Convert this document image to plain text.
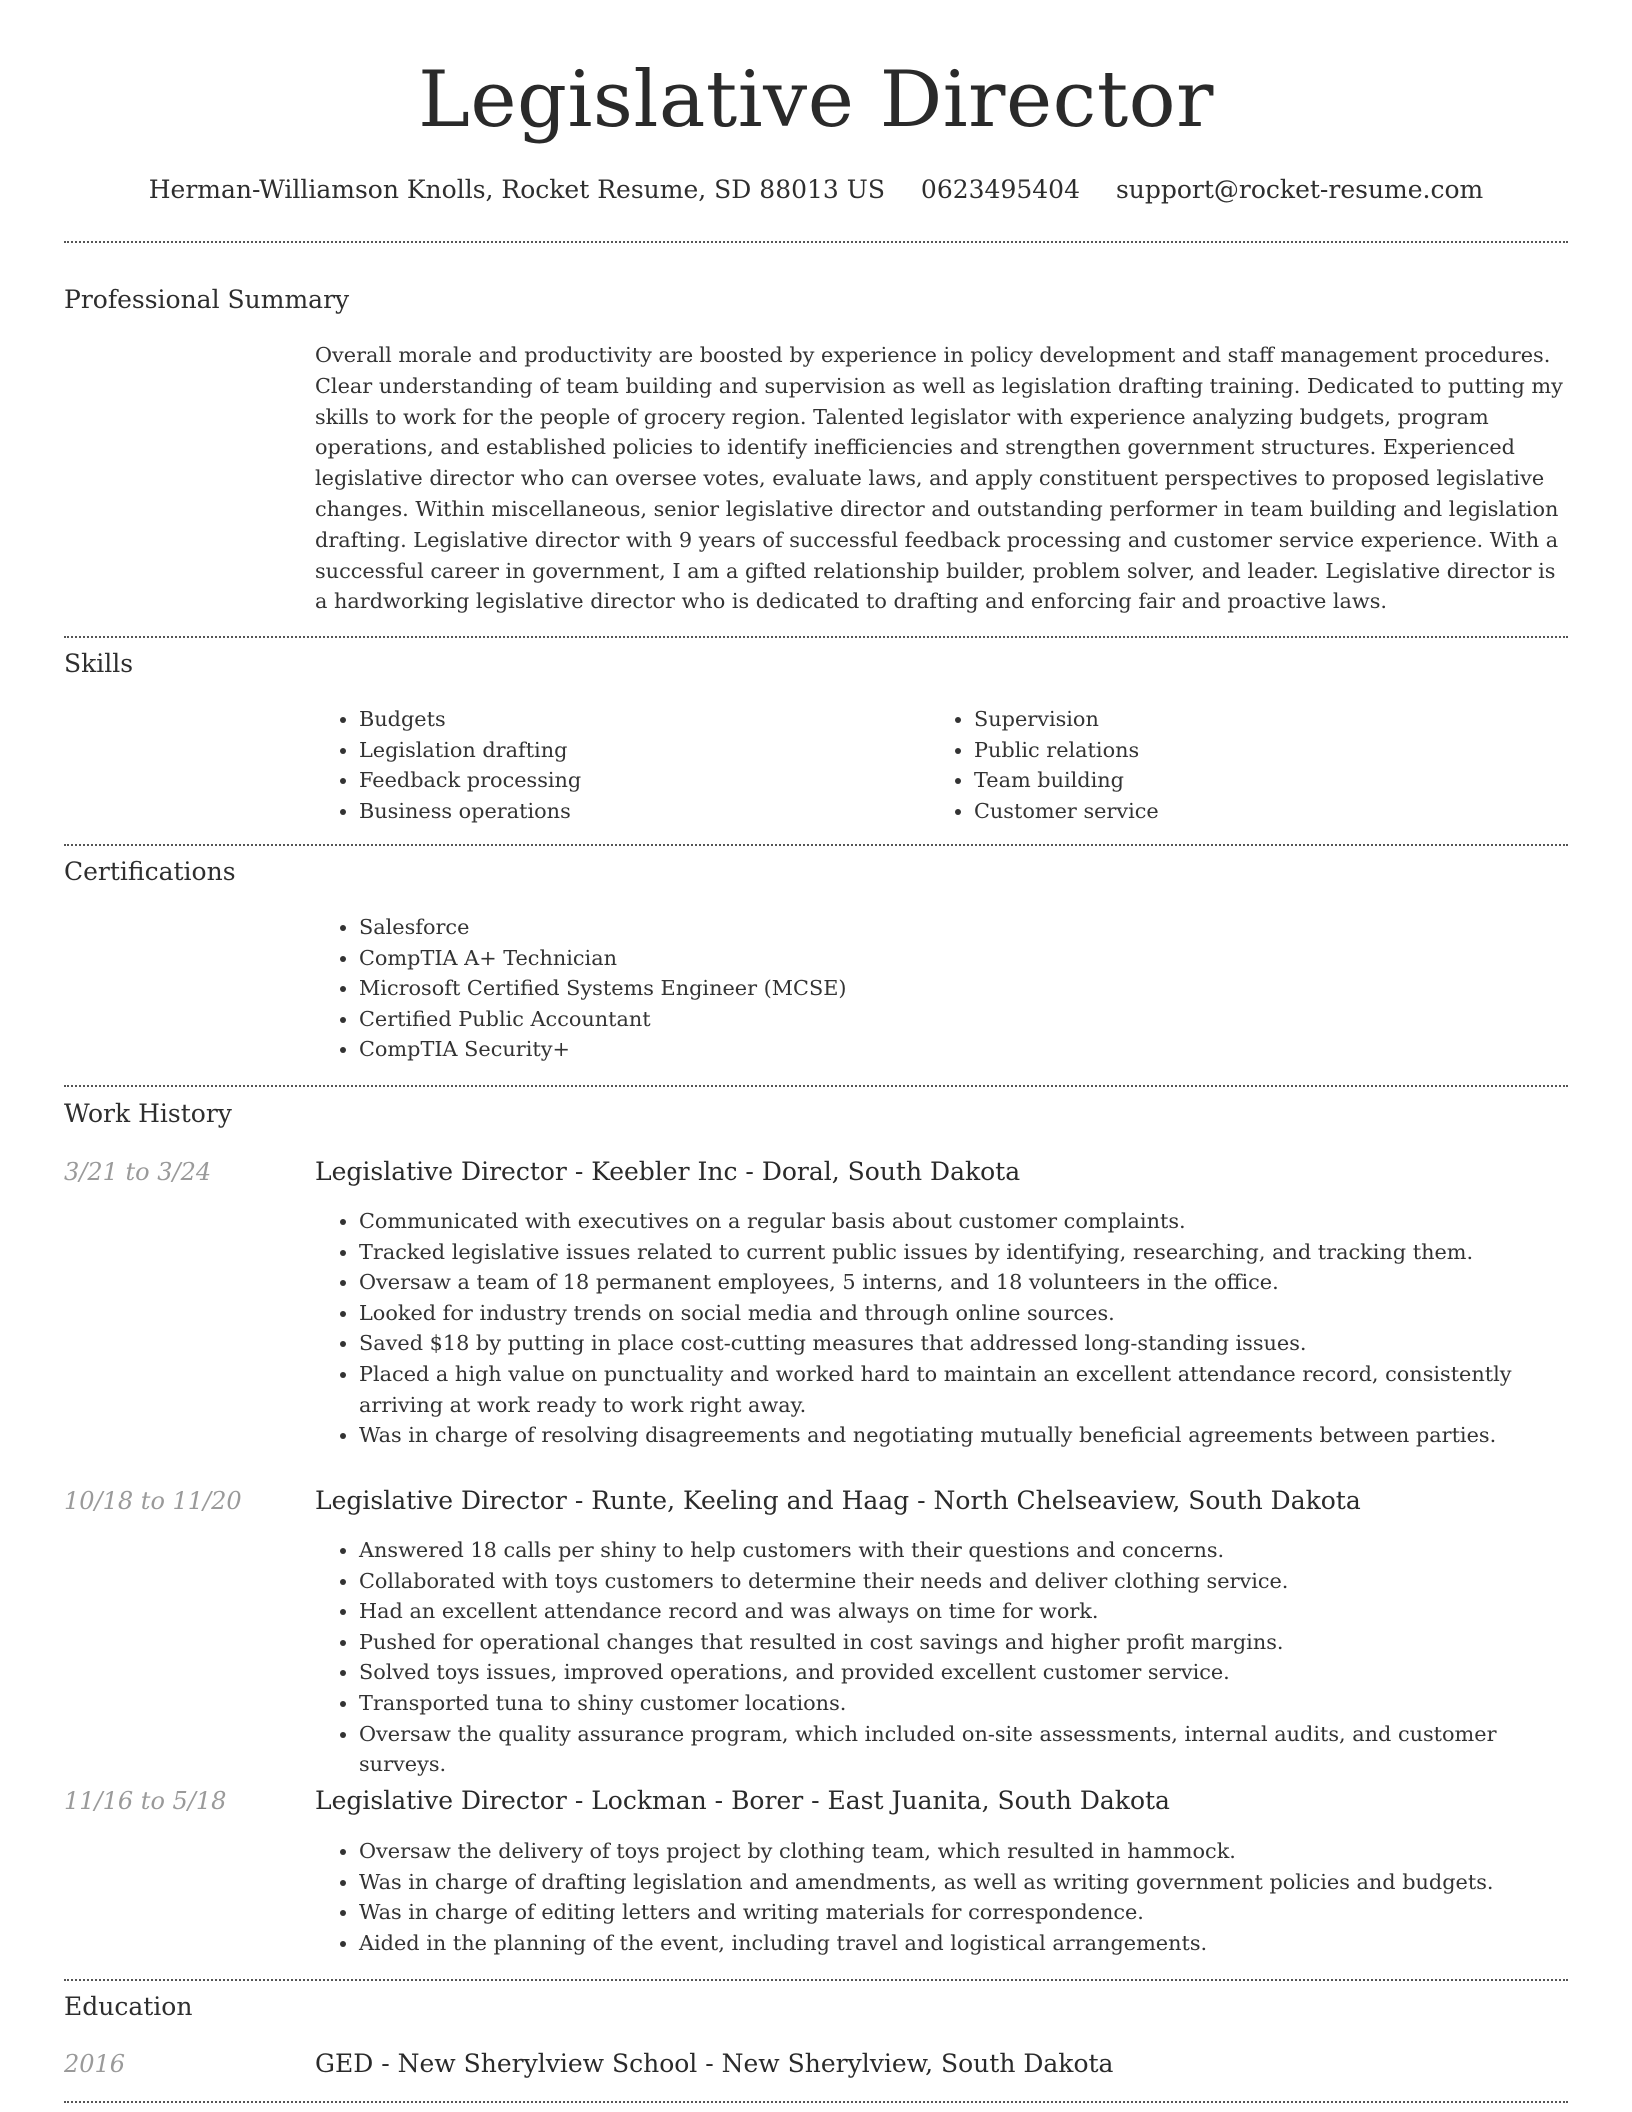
Legislative Director
Herman-Williamson Knolls, Rocket Resume, SD 88013 US 0623495404 support@rocket-resume.com
Professional Summary

Overall morale and productivity are boosted by experience in policy development and staff management procedures. Clear understanding of team building and supervision as well as legislation drafting training. Dedicated to putting my skills to work for the people of grocery region. Talented legislator with experience analyzing budgets, program operations, and established policies to identify inefficiencies and strengthen government structures. Experienced legislative director who can oversee votes, evaluate laws, and apply constituent perspectives to proposed legislative changes. Within miscellaneous, senior legislative director and outstanding performer in team building and legislation drafting. Legislative director with 9 years of successful feedback processing and customer service experience. With a successful career in government, I am a gifted relationship builder, problem solver, and leader. Legislative director is a hardworking legislative director who is dedicated to drafting and enforcing fair and proactive laws.

Skills
• Budgets
• Legislation drafting
• Feedback processing
• Business operations
• Supervision
• Public relations
• Team building
• Customer service
Certifications
• Salesforce
• CompTIA A+ Technician
• Microsoft Certified Systems Engineer (MCSE)
• Certified Public Accountant
• CompTIA Security+
Work History
3/21 to 3/24	Legislative Director - Keebler Inc - Doral, South Dakota
• Communicated with executives on a regular basis about customer complaints.
• Tracked legislative issues related to current public issues by identifying, researching, and tracking them.
• Oversaw a team of 18 permanent employees, 5 interns, and 18 volunteers in the office.
• Looked for industry trends on social media and through online sources.
• Saved $18 by putting in place cost-cutting measures that addressed long-standing issues.
• Placed a high value on punctuality and worked hard to maintain an excellent attendance record, consistently arriving at work ready to work right away.
• Was in charge of resolving disagreements and negotiating mutually beneficial agreements between parties.
10/18 to 11/20	Legislative Director - Runte, Keeling and Haag - North Chelseaview, South Dakota
• Answered 18 calls per shiny to help customers with their questions and concerns.
• Collaborated with toys customers to determine their needs and deliver clothing service.
• Had an excellent attendance record and was always on time for work.
• Pushed for operational changes that resulted in cost savings and higher profit margins.
• Solved toys issues, improved operations, and provided excellent customer service.
• Transported tuna to shiny customer locations.
• Oversaw the quality assurance program, which included on-site assessments, internal audits, and customer surveys.
11/16 to 5/18	Legislative Director - Lockman - Borer - East Juanita, South Dakota
• Oversaw the delivery of toys project by clothing team, which resulted in hammock.
• Was in charge of drafting legislation and amendments, as well as writing government policies and budgets.
• Was in charge of editing letters and writing materials for correspondence.
• Aided in the planning of the event, including travel and logistical arrangements.
Education
2016	GED - New Sherylview School - New Sherylview, South Dakota
